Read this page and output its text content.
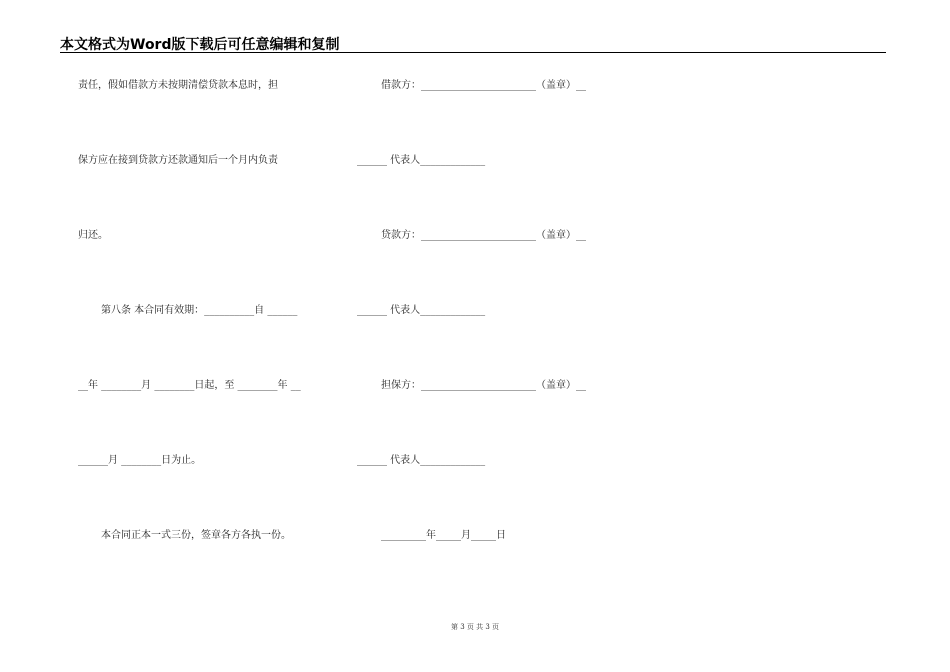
本文格式为Word版下载后可任意编辑和复制
责任，假如借款方未按期清偿贷款本息时，担
保方应在接到贷款方还款通知后一个月内负责
归还。
第八条 本合同有效期：__________自 ______
__年 ________月 ________日起，至 ________年 __
______月 ________日为止。
本合同正本一式三份，签章各方各执一份。
借款方：_______________________（盖章）__
______ 代表人_____________
贷款方：_______________________（盖章）__
______ 代表人_____________
担保方：_______________________（盖章）__
______ 代表人_____________
_________年_____月_____日
第 3 页 共 3 页
